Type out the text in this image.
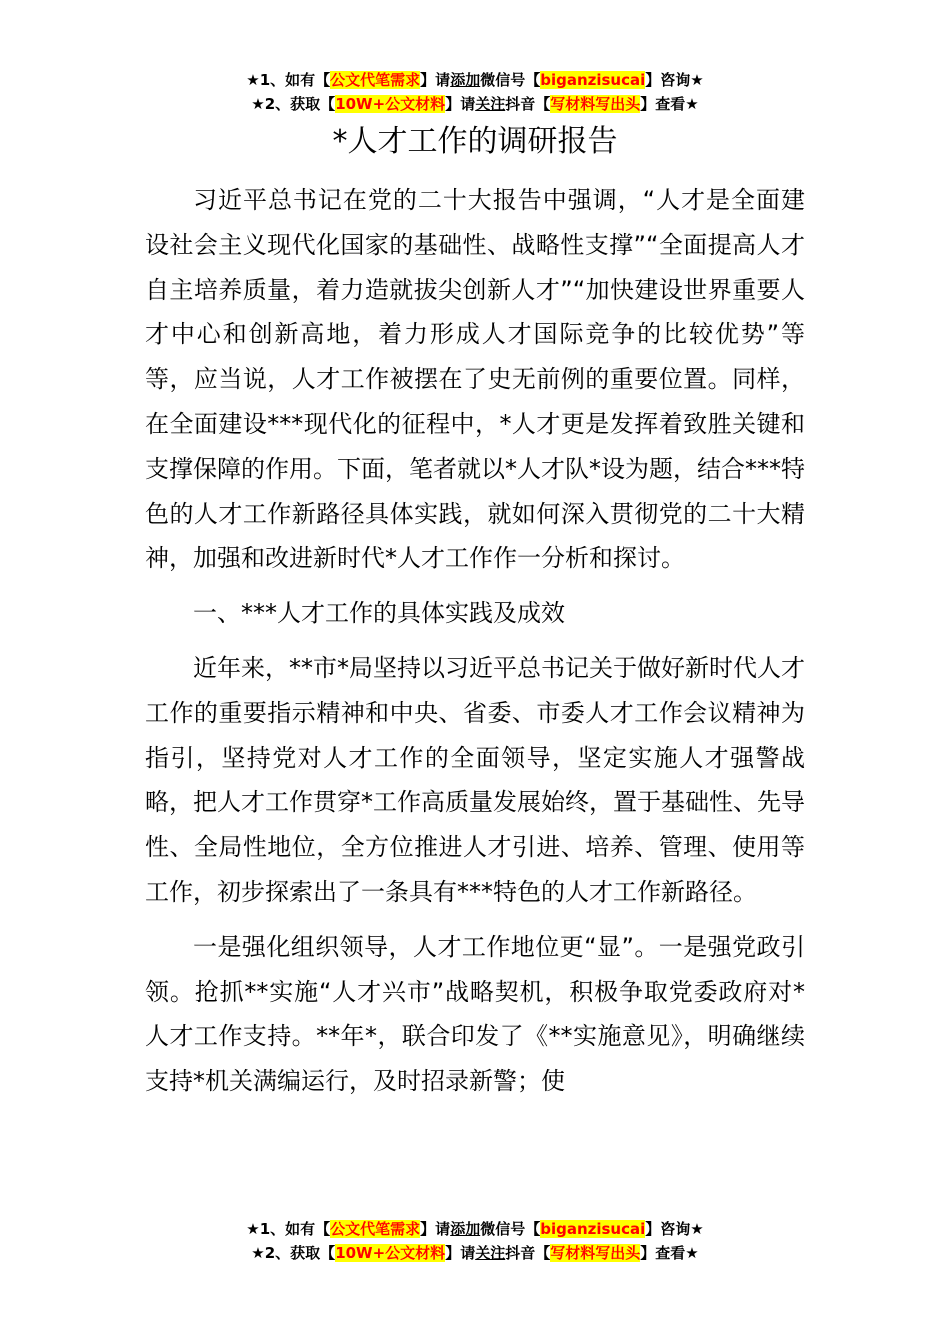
★1、如有【公文代笔需求】请添加微信号【biganzisucai】咨询★
★2、获取【10W+公文材料】请关注抖音【写材料写出头】查看★
*人才工作的调研报告

习近平总书记在党的二十大报告中强调，“人才是全面建设社会主义现代化国家的基础性、战略性支撑”“全面提高人才自主培养质量，着力造就拔尖创新人才”“加快建设世界重要人才中心和创新高地，着力形成人才国际竞争的比较优势”等等，应当说，人才工作被摆在了史无前例的重要位置。同样，在全面建设***现代化的征程中，*人才更是发挥着致胜关键和支撑保障的作用。下面，笔者就以*人才队*设为题，结合***特色的人才工作新路径具体实践，就如何深入贯彻党的二十大精神，加强和改进新时代*人才工作作一分析和探讨。

一、***人才工作的具体实践及成效

近年来，**市*局坚持以习近平总书记关于做好新时代人才工作的重要指示精神和中央、省委、市委人才工作会议精神为指引，坚持党对人才工作的全面领导，坚定实施人才强警战略，把人才工作贯穿*工作高质量发展始终，置于基础性、先导性、全局性地位，全方位推进人才引进、培养、管理、使用等工作，初步探索出了一条具有***特色的人才工作新路径。

一是强化组织领导，人才工作地位更“显”。一是强党政引领。抢抓**实施“人才兴市”战略契机，积极争取党委政府对*人才工作支持。**年*，联合印发了《**实施意见》，明确继续支持*机关满编运行，及时招录新警；使

★1、如有【公文代笔需求】请添加微信号【biganzisucai】咨询★
★2、获取【10W+公文材料】请关注抖音【写材料写出头】查看★
